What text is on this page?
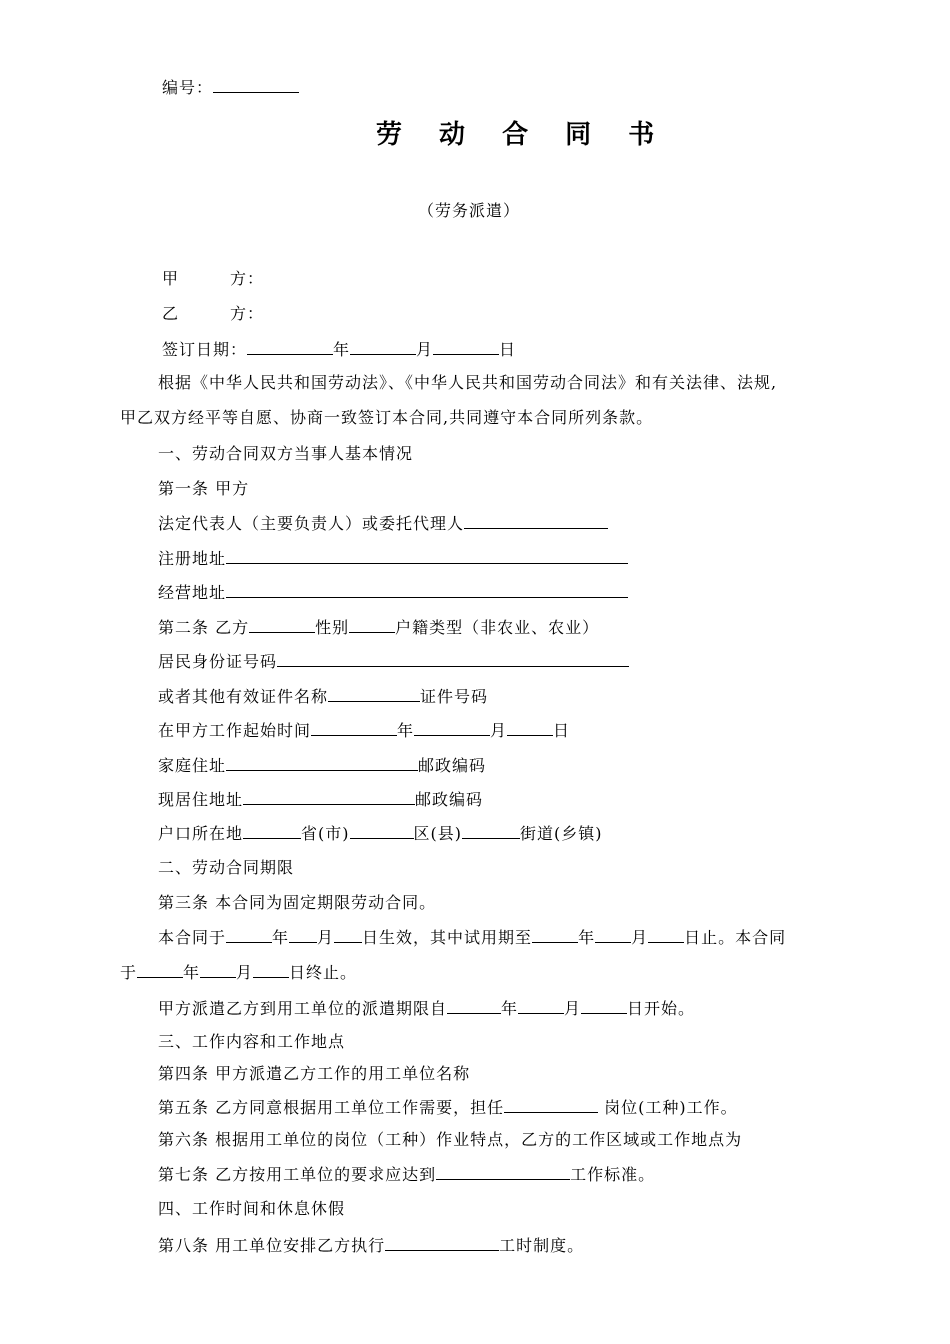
编号：
劳 动 合 同 书
（劳务派遣）
甲　　　方：
乙　　　方：
签订日期：	年	月	日
根据《中华人民共和国劳动法》、《中华人民共和国劳动合同法》和有关法律、法规,
甲乙双方经平等自愿、协商一致签订本合同,共同遵守本合同所列条款。
一、劳动合同双方当事人基本情况
第一条 甲方
法定代表人（主要负责人）或委托代理人
注册地址
经营地址
第二条 乙方	性别	户籍类型（非农业、农业）
居民身份证号码
或者其他有效证件名称	证件号码
在甲方工作起始时间	年	月	日
家庭住址	邮政编码
现居住地址	邮政编码
户口所在地	省(市)	区(县)	街道(乡镇)
二、劳动合同期限
第三条 本合同为固定期限劳动合同。
本合同于	年 月 日生效，其中试用期至	年 月 日止。本合同
于	年 月 日终止。
甲方派遣乙方到用工单位的派遣期限自	年	月	日开始。
三、工作内容和工作地点
第四条 甲方派遣乙方工作的用工单位名称
第五条 乙方同意根据用工单位工作需要，担任	岗位(工种)工作。
第六条 根据用工单位的岗位（工种）作业特点，乙方的工作区域或工作地点为
第七条 乙方按用工单位的要求应达到	工作标准。
四、工作时间和休息休假
第八条 用工单位安排乙方执行	工时制度。
